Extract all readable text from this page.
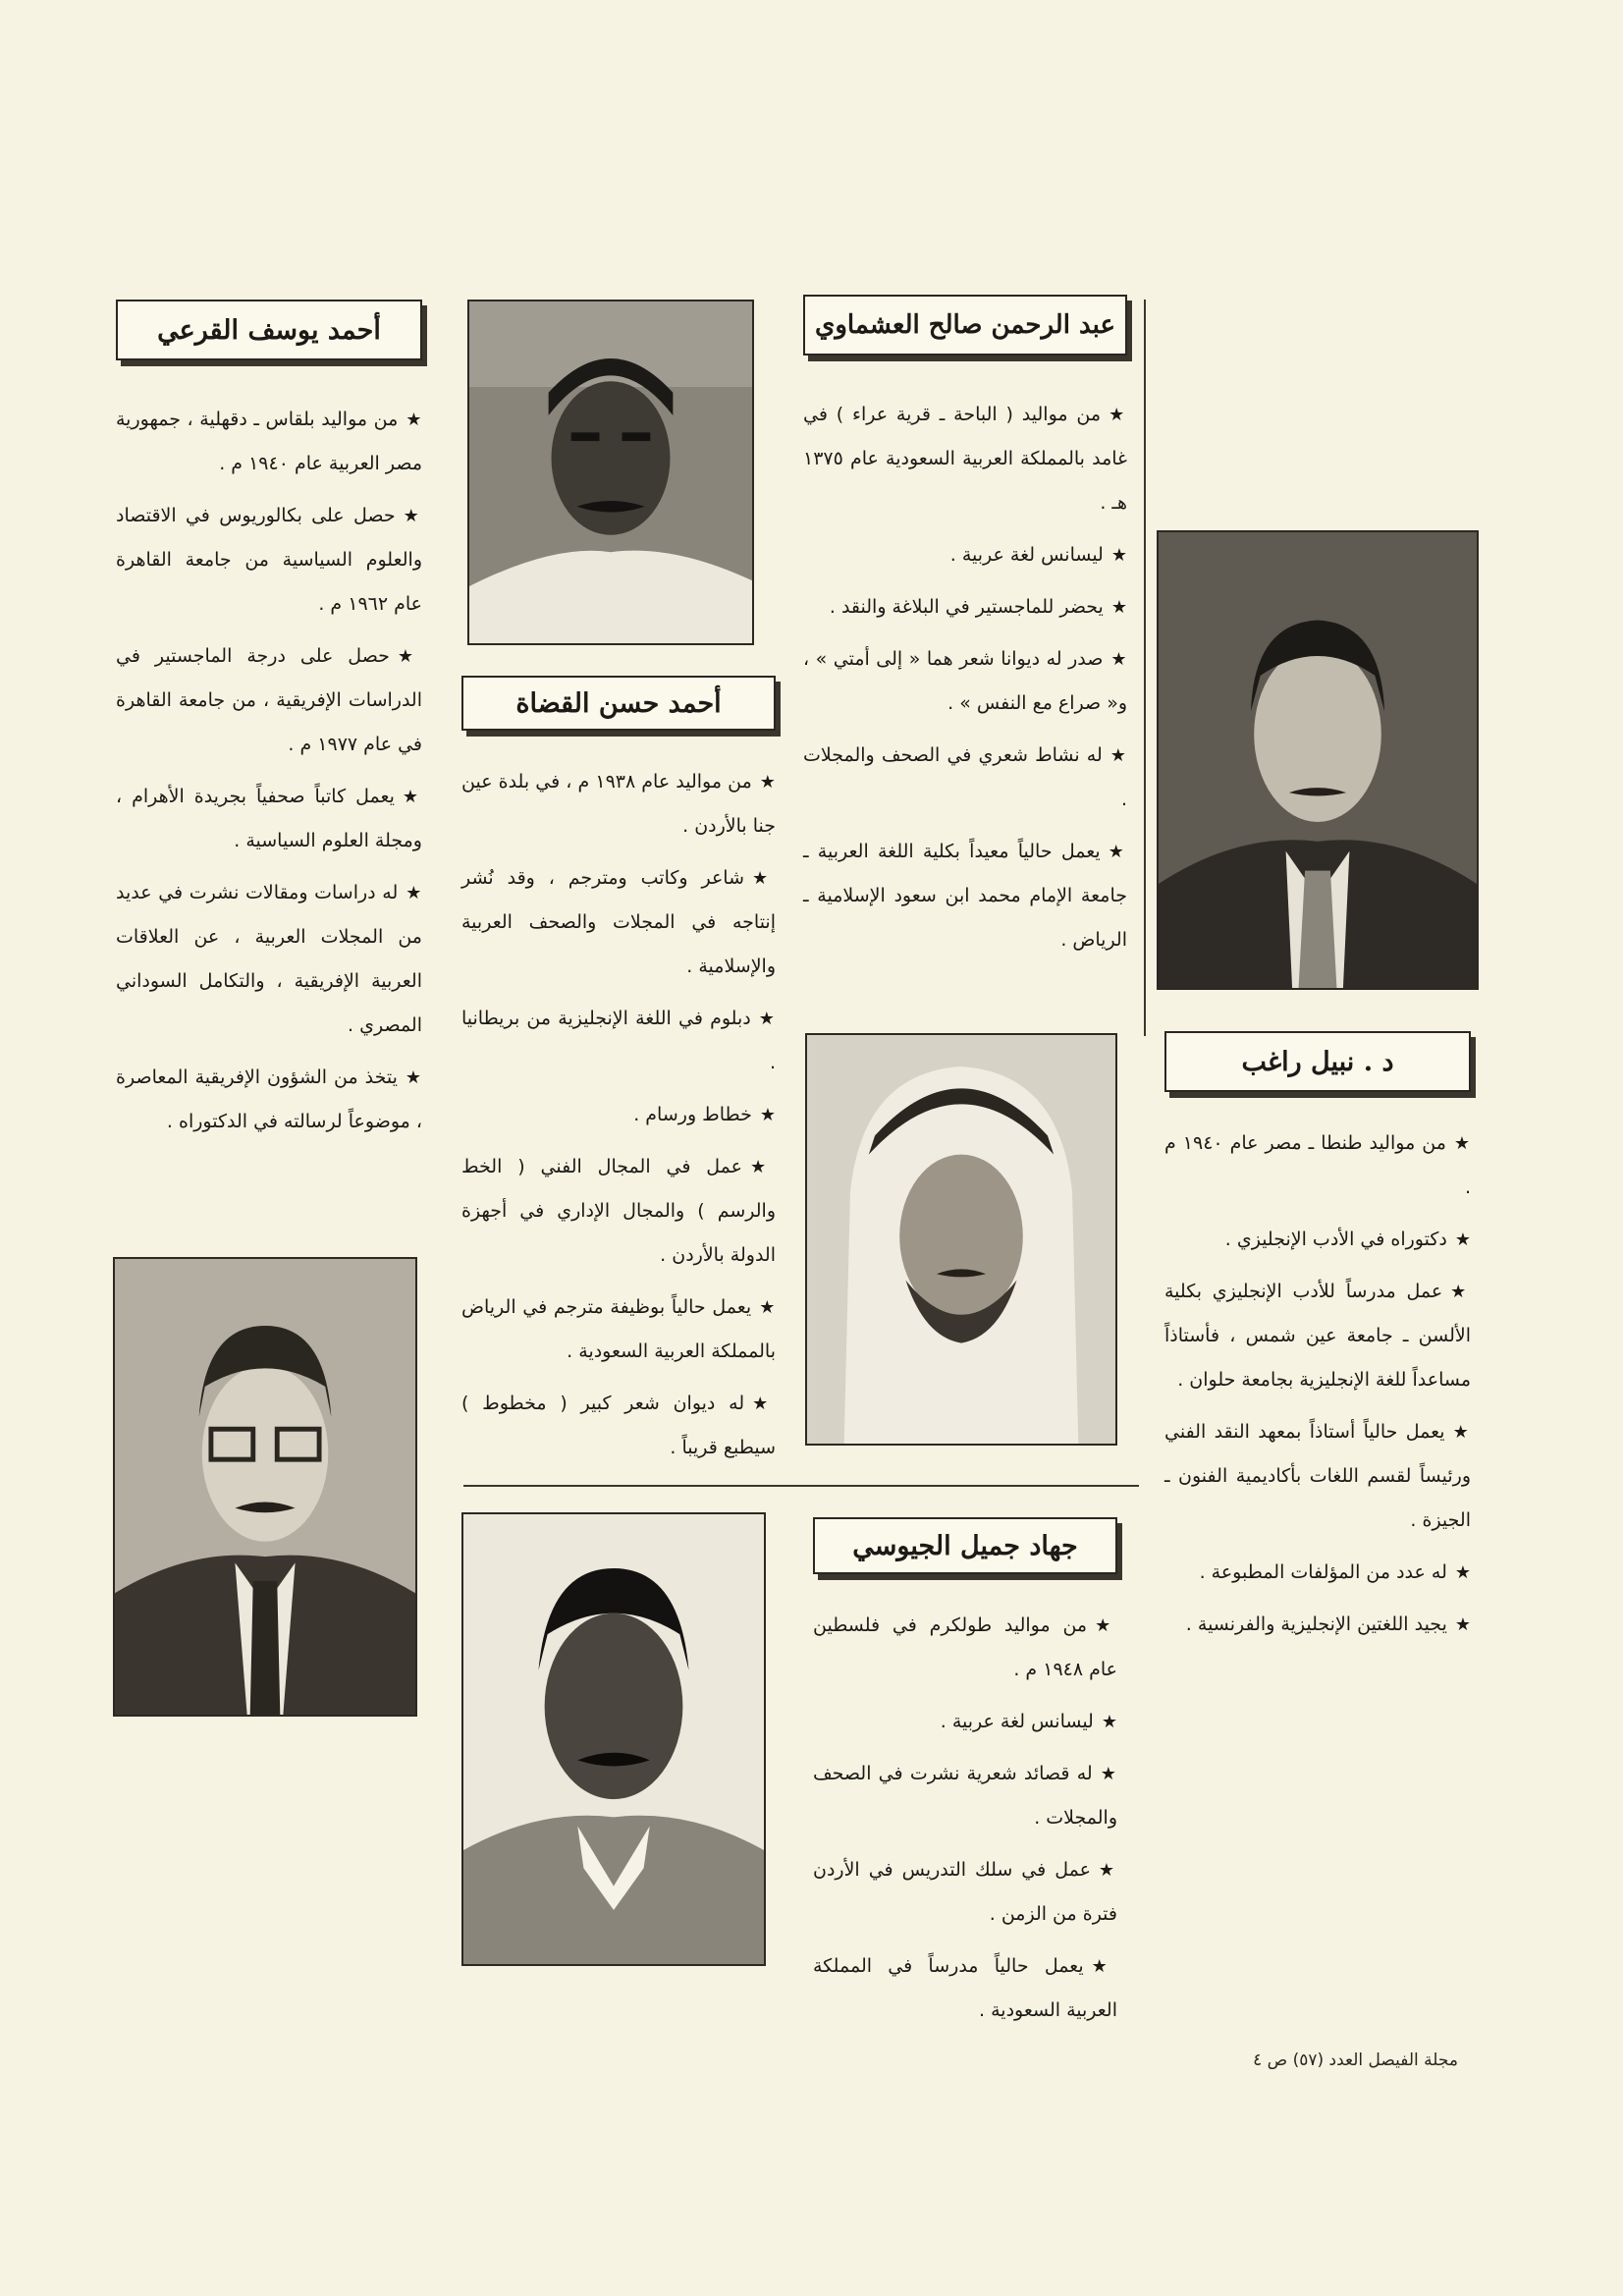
عبد الرحمن صالح العشماوي

★من مواليد ( الباحة ـ قرية عراء ) في غامد بالمملكة العربية السعودية عام ١٣٧٥ هـ .

★ليسانس لغة عربية .

★يحضر للماجستير في البلاغة والنقد .

★صدر له ديوانا شعر هما « إلى أمتي » ، و« صراع مع النفس » .

★له نشاط شعري في الصحف والمجلات .

★يعمل حالياً معيداً بكلية اللغة العربية ـ جامعة الإمام محمد ابن سعود الإسلامية ـ الرياض .

أحمد يوسف القرعي

★من مواليد بلقاس ـ دقهلية ، جمهورية مصر العربية عام ١٩٤٠ م .

★حصل على بكالوريوس في الاقتصاد والعلوم السياسية من جامعة القاهرة عام ١٩٦٢ م .

★حصل على درجة الماجستير في الدراسات الإفريقية ، من جامعة القاهرة في عام ١٩٧٧ م .

★يعمل كاتباً صحفياً بجريدة الأهرام ، ومجلة العلوم السياسية .

★له دراسات ومقالات نشرت في عديد من المجلات العربية ، عن العلاقات العربية الإفريقية ، والتكامل السوداني المصري .

★يتخذ من الشؤون الإفريقية المعاصرة ، موضوعاً لرسالته في الدكتوراه .

أحمد حسن القضاة

★من مواليد عام ١٩٣٨ م ، في بلدة عين جنا بالأردن .

★شاعر وكاتب ومترجم ، وقد نُشر إنتاجه في المجلات والصحف العربية والإسلامية .

★دبلوم في اللغة الإنجليزية من بريطانيا .

★خطاط ورسام .

★عمل في المجال الفني ( الخط والرسم ) والمجال الإداري في أجهزة الدولة بالأردن .

★يعمل حالياً بوظيفة مترجم في الرياض بالمملكة العربية السعودية .

★له ديوان شعر كبير ( مخطوط ) سيطبع قريباً .

د . نبيل راغب

★من مواليد طنطا ـ مصر عام ١٩٤٠ م .

★دكتوراه في الأدب الإنجليزي .

★عمل مدرساً للأدب الإنجليزي بكلية الألسن ـ جامعة عين شمس ، فأستاذاً مساعداً للغة الإنجليزية بجامعة حلوان .

★يعمل حالياً أستاذاً بمعهد النقد الفني ورئيساً لقسم اللغات بأكاديمية الفنون ـ الجيزة .

★له عدد من المؤلفات المطبوعة .

★يجيد اللغتين الإنجليزية والفرنسية .

جهاد جميل الجيوسي

★من مواليد طولكرم في فلسطين عام ١٩٤٨ م .

★ليسانس لغة عربية .

★له قصائد شعرية نشرت في الصحف والمجلات .

★عمل في سلك التدريس في الأردن فترة من الزمن .

★يعمل حالياً مدرساً في المملكة العربية السعودية .

مجلة الفيصل العدد (٥٧) ص ٤
